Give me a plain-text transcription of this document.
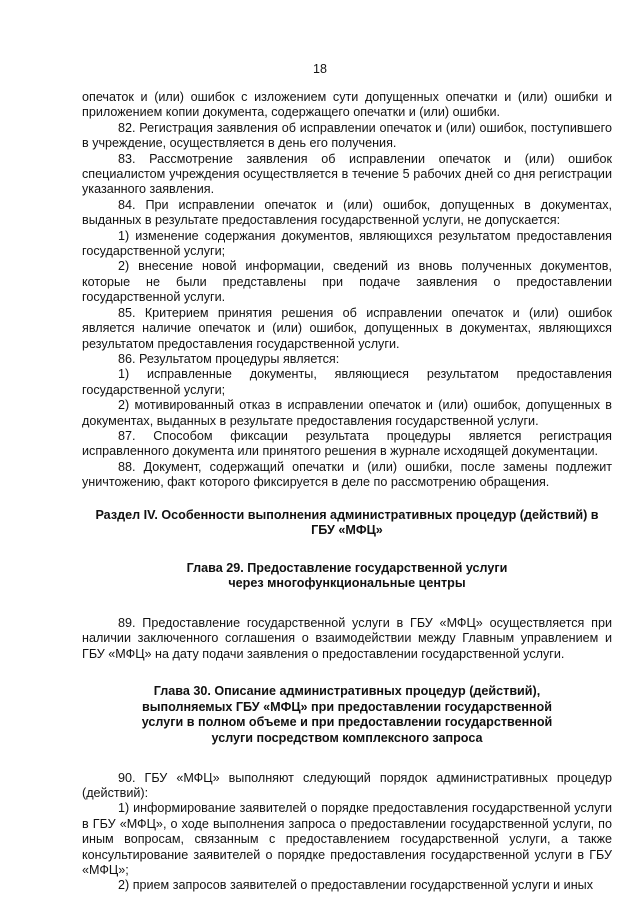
18

опечаток и (или) ошибок с изложением сути допущенных опечатки и (или) ошибки и приложением копии документа, содержащего опечатки и (или) ошибки.

82. Регистрация заявления об исправлении опечаток и (или) ошибок, поступившего в учреждение, осуществляется в день его получения.

83. Рассмотрение заявления об исправлении опечаток и (или) ошибок специалистом учреждения осуществляется в течение 5 рабочих дней со дня регистрации указанного заявления.

84. При исправлении опечаток и (или) ошибок, допущенных в документах, выданных в результате предоставления государственной услуги, не допускается:

1) изменение содержания документов, являющихся результатом предоставления государственной услуги;

2) внесение новой информации, сведений из вновь полученных документов, которые не были представлены при подаче заявления о предоставлении государственной услуги.

85. Критерием принятия решения об исправлении опечаток и (или) ошибок является наличие опечаток и (или) ошибок, допущенных в документах, являющихся результатом предоставления государственной услуги.

86. Результатом процедуры является:

1) исправленные документы, являющиеся результатом предоставления государственной услуги;

2) мотивированный отказ в исправлении опечаток и (или) ошибок, допущенных в документах, выданных в результате предоставления государственной услуги.

87. Способом фиксации результата процедуры является регистрация исправленного документа или принятого решения в журнале исходящей документации.

88. Документ, содержащий опечатки и (или) ошибки, после замены подлежит уничтожению, факт которого фиксируется в деле по рассмотрению обращения.

Раздел IV. Особенности выполнения административных процедур (действий) в ГБУ «МФЦ»

Глава 29. Предоставление государственной услуги через многофункциональные центры

89. Предоставление государственной услуги в ГБУ «МФЦ» осуществляется при наличии заключенного соглашения о взаимодействии между Главным управлением и ГБУ «МФЦ» на дату подачи заявления о предоставлении государственной услуги.

Глава 30. Описание административных процедур (действий), выполняемых ГБУ «МФЦ» при предоставлении государственной услуги в полном объеме и при предоставлении государственной услуги посредством комплексного запроса

90. ГБУ «МФЦ» выполняют следующий порядок административных процедур (действий):

1) информирование заявителей о порядке предоставления государственной услуги в ГБУ «МФЦ», о ходе выполнения запроса о предоставлении государственной услуги, по иным вопросам, связанным с предоставлением государственной услуги, а также консультирование заявителей о порядке предоставления государственной услуги в ГБУ «МФЦ»;

2) прием запросов заявителей о предоставлении государственной услуги и иных
